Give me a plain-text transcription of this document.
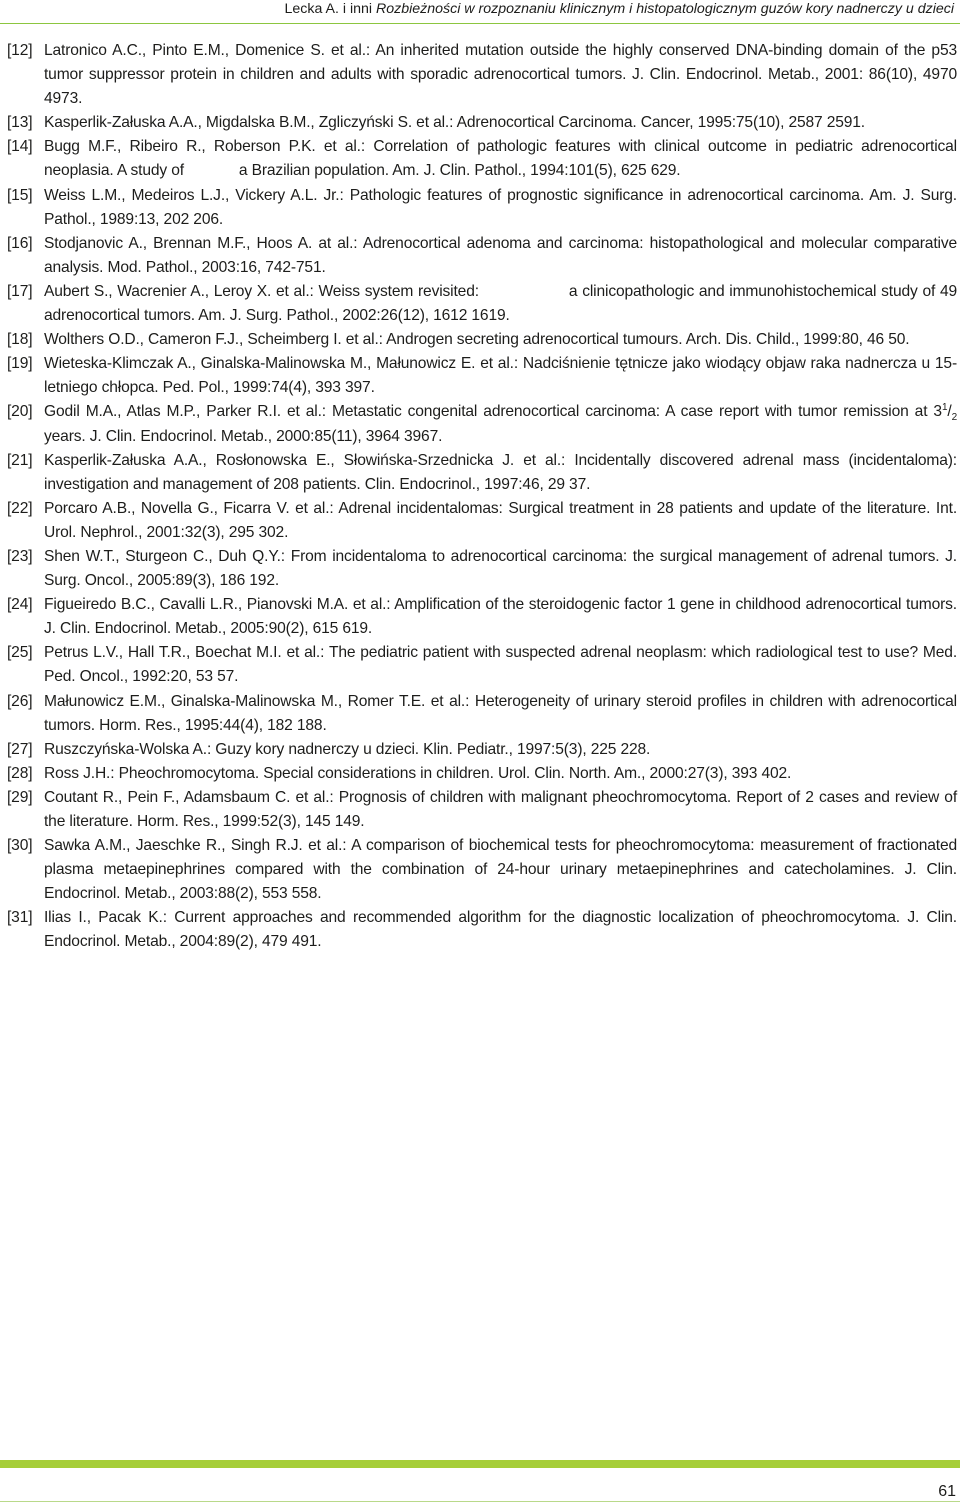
Lecka A. i inni Rozbieżności w rozpoznaniu klinicznym i histopatologicznym guzów kory nadnerczy u dzieci
[12] Latronico A.C., Pinto E.M., Domenice S. et al.: An inherited mutation outside the highly conserved DNA-binding domain of the p53 tumor suppressor protein in children and adults with sporadic adrenocortical tumors. J. Clin. Endocrinol. Metab., 2001: 86(10), 4970 4973.
[13] Kasperlik-Załuska A.A., Migdalska B.M., Zgliczyński S. et al.: Adrenocortical Carcinoma. Cancer, 1995:75(10), 2587 2591.
[14] Bugg M.F., Ribeiro R., Roberson P.K. et al.: Correlation of pathologic features with clinical outcome in pediatric adrenocortical neoplasia. A study of	a Brazilian population. Am. J. Clin. Pathol., 1994:101(5), 625 629.
[15] Weiss L.M., Medeiros L.J., Vickery A.L. Jr.: Pathologic features of prognostic significance in adrenocortical carcinoma. Am. J. Surg. Pathol., 1989:13, 202 206.
[16] Stodjanovic A., Brennan M.F., Hoos A. at al.: Adrenocortical adenoma and carcinoma: histopathological and molecular comparative analysis. Mod. Pathol., 2003:16, 742-751.
[17] Aubert S., Wacrenier A., Leroy X. et al.: Weiss system revisited:	a clinicopathologic and immunohistochemical study of 49 adrenocortical tumors. Am. J. Surg. Pathol., 2002:26(12), 1612 1619.
[18] Wolthers O.D., Cameron F.J., Scheimberg I. et al.: Androgen secreting adrenocortical tumours. Arch. Dis. Child., 1999:80, 46 50.
[19] Wieteska-Klimczak A., Ginalska-Malinowska M., Małunowicz E. et al.: Nadciśnienie tętnicze jako wiodący objaw raka nadnercza u 15-letniego chłopca. Ped. Pol., 1999:74(4), 393 397.
[20] Godil M.A., Atlas M.P., Parker R.I. et al.: Metastatic congenital adrenocortical carcinoma: A case report with tumor remission at $3^1/_2$ years. J. Clin. Endocrinol. Metab., 2000:85(11), 3964 3967.
[21] Kasperlik-Załuska A.A., Rosłonowska E., Słowińska-Srzednicka J. et al.: Incidentally discovered adrenal mass (incidentaloma): investigation and management of 208 patients. Clin. Endocrinol., 1997:46, 29 37.
[22] Porcaro A.B., Novella G., Ficarra V. et al.: Adrenal incidentalomas: Surgical treatment in 28 patients and update of the literature. Int. Urol. Nephrol., 2001:32(3), 295 302.
[23] Shen W.T., Sturgeon C., Duh Q.Y.: From incidentaloma to adrenocortical carcinoma: the surgical management of adrenal tumors. J. Surg. Oncol., 2005:89(3), 186 192.
[24] Figueiredo B.C., Cavalli L.R., Pianovski M.A. et al.: Amplification of the steroidogenic factor 1 gene in childhood adrenocortical tumors. J. Clin. Endocrinol. Metab., 2005:90(2), 615 619.
[25] Petrus L.V., Hall T.R., Boechat M.I. et al.: The pediatric patient with suspected adrenal neoplasm: which radiological test to use? Med. Ped. Oncol., 1992:20, 53 57.
[26] Małunowicz E.M., Ginalska-Malinowska M., Romer T.E. et al.: Heterogeneity of urinary steroid profiles in children with adrenocortical tumors. Horm. Res., 1995:44(4), 182 188.
[27] Ruszczyńska-Wolska A.: Guzy kory nadnerczy u dzieci. Klin. Pediatr., 1997:5(3), 225 228.
[28] Ross J.H.: Pheochromocytoma. Special considerations in children. Urol. Clin. North. Am., 2000:27(3), 393 402.
[29] Coutant R., Pein F., Adamsbaum C. et al.: Prognosis of children with malignant pheochromocytoma. Report of 2 cases and review of the literature. Horm. Res., 1999:52(3), 145 149.
[30] Sawka A.M., Jaeschke R., Singh R.J. et al.: A comparison of biochemical tests for pheochromocytoma: measurement of fractionated plasma metaepinephrines compared with the combination of 24-hour urinary metaepinephrines and catecholamines. J. Clin. Endocrinol. Metab., 2003:88(2), 553 558.
[31] Ilias I., Pacak K.: Current approaches and recommended algorithm for the diagnostic localization of pheochromocytoma. J. Clin. Endocrinol. Metab., 2004:89(2), 479 491.
61
